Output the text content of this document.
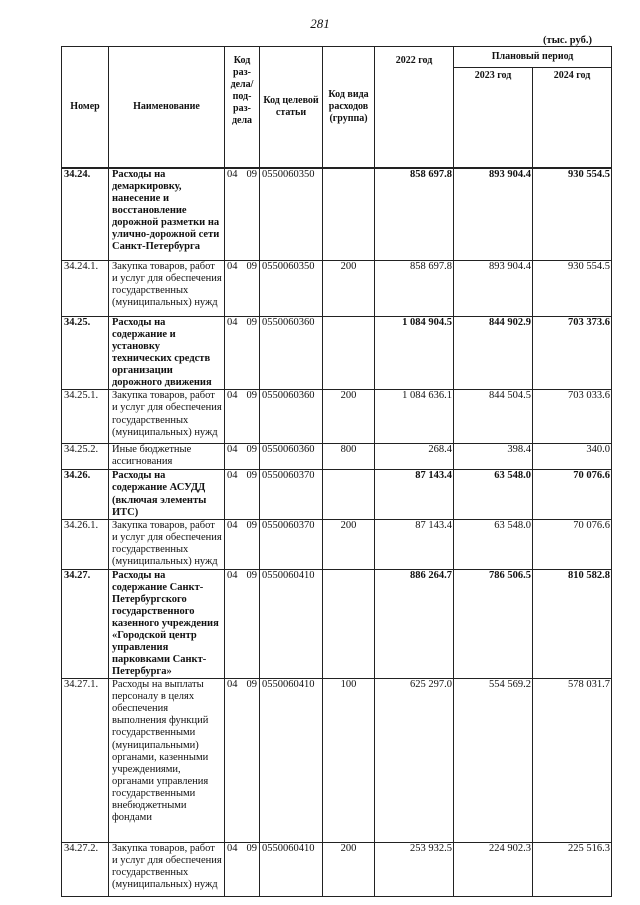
281
(тыс. руб.)
Номер	Наименование	Код раз-дела/ под-раз-дела		Код целевой статьи	Код вида расходов (группа)	2022 год	Плановый период	
							2023 год	2024 год

34.24.	Расходы на демаркировку, нанесение и восстановление дорожной разметки на улично-дорожной сети Санкт-Петербурга	04	09	0550060350		858 697.8	893 904.4	930 554.5
34.24.1.	Закупка товаров, работ и услуг для обеспечения государственных (муниципальных) нужд	04	09	0550060350	200	858 697.8	893 904.4	930 554.5
34.25.	Расходы на содержание и установку технических средств организации дорожного движения	04	09	0550060360		1 084 904.5	844 902.9	703 373.6
34.25.1.	Закупка товаров, работ и услуг для обеспечения государственных (муниципальных) нужд	04	09	0550060360	200	1 084 636.1	844 504.5	703 033.6
34.25.2.	Иные бюджетные ассигнования	04	09	0550060360	800	268.4	398.4	340.0
34.26.	Расходы на содержание АСУДД (включая элементы ИТС)	04	09	0550060370		87 143.4	63 548.0	70 076.6
34.26.1.	Закупка товаров, работ и услуг для обеспечения государственных (муниципальных) нужд	04	09	0550060370	200	87 143.4	63 548.0	70 076.6
34.27.	Расходы на содержание Санкт-Петербургского государственного казенного учреждения «Городской центр управления парковками Санкт-Петербурга»	04	09	0550060410		886 264.7	786 506.5	810 582.8
34.27.1.	Расходы на выплаты персоналу в целях обеспечения выполнения функций государственными (муниципальными) органами, казенными учреждениями, органами управления государственными внебюджетными фондами	04	09	0550060410	100	625 297.0	554 569.2	578 031.7
34.27.2.	Закупка товаров, работ и услуг для обеспечения государственных (муниципальных) нужд	04	09	0550060410	200	253 932.5	224 902.3	225 516.3
